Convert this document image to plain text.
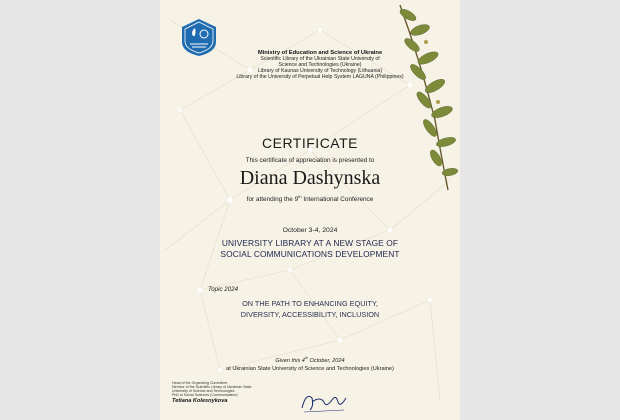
Ministry of Education and Science of Ukraine
Scientific Library of the Ukrainian State University of
Science and Technologies (Ukraine)
Library of Kaunas University of Technology (Lithuania)
Library of the University of Perpetual Help System LAGUNA (Philippines)
CERTIFICATE
This certificate of appreciation is presented to
Diana Dashynska
for attending the 9th International Conference
October 3-4, 2024
UNIVERSITY LIBRARY AT A NEW STAGE OF
SOCIAL COMMUNICATIONS DEVELOPMENT
Topic 2024
ON THE PATH TO ENHANCING EQUITY,
DIVERSITY, ACCESSIBILITY, INCLUSION
Given this 4th October, 2024
at Ukrainian State University of Science and Technologies (Ukraine)
Head of the Organizing Committee
Director of the Scientific Library of Ukrainian State
University of Science and Technologies
PhD in Social Sciences (Communication)
Tetiana Kolesnykova
